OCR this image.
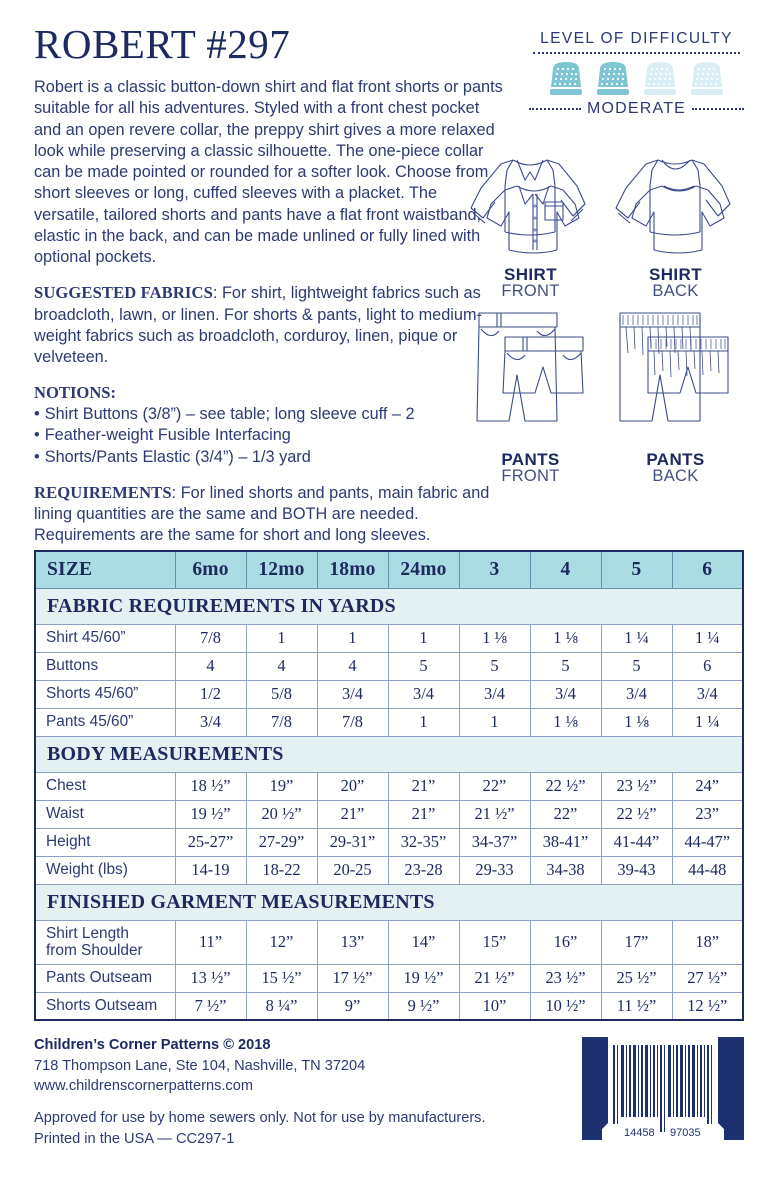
ROBERT #297
Robert is a classic button-down shirt and flat front shorts or pants suitable for all his adventures. Styled with a front chest pocket and an open revere collar, the preppy shirt gives a more relaxed look while preserving a classic silhouette. The one-piece collar can be made pointed or rounded for a softer look. Choose from short sleeves or long, cuffed sleeves with a placket. The versatile, tailored shorts and pants have a flat front waistband, elastic in the back, and can be made unlined or fully lined with optional pockets.
SUGGESTED FABRICS: For shirt, lightweight fabrics such as broadcloth, lawn, or linen. For shorts & pants, light to medium-weight fabrics such as broadcloth, corduroy, linen, pique or velveteen.
NOTIONS:
• Shirt Buttons (3/8”) – see table; long sleeve cuff – 2
• Feather-weight Fusible Interfacing
• Shorts/Pants Elastic (3/4”) – 1/3 yard
REQUIREMENTS: For lined shorts and pants, main fabric and lining quantities are the same and BOTH are needed. Requirements are the same for short and long sleeves.
LEVEL OF DIFFICULTY
MODERATE
SHIRT
FRONT
SHIRT
BACK
PANTS
FRONT
PANTS
BACK
SIZE	6mo	12mo	18mo	24mo	3	4	5	6
FABRIC REQUIREMENTS IN YARDS								
Shirt 45/60”	7/8	1	1	1	1 ⅛	1 ⅛	1 ¼	1 ¼
Buttons	4	4	4	5	5	5	5	6
Shorts 45/60”	1/2	5/8	3/4	3/4	3/4	3/4	3/4	3/4
Pants 45/60”	3/4	7/8	7/8	1	1	1 ⅛	1 ⅛	1 ¼
BODY MEASUREMENTS								
Chest	18 ½”	19”	20”	21”	22”	22 ½”	23 ½”	24”
Waist	19 ½”	20 ½”	21”	21”	21 ½”	22”	22 ½”	23”
Height	25-27”	27-29”	29-31”	32-35”	34-37”	38-41”	41-44”	44-47”
Weight (lbs)	14-19	18-22	20-25	23-28	29-33	34-38	39-43	44-48
FINISHED GARMENT MEASUREMENTS								

Shirt Length
from Shoulder	11”	12”	13”	14”	15”	16”	17”	18”
Pants Outseam	13 ½”	15 ½”	17 ½”	19 ½”	21 ½”	23 ½”	25 ½”	27 ½”
Shorts Outseam	7 ½”	8 ¼”	9”	9 ½”	10”	10 ½”	11 ½”	12 ½”
Children’s Corner Patterns © 2018
718 Thompson Lane, Ste 104, Nashville, TN 37204
www.childrenscornerpatterns.com
Approved for use by home sewers only. Not for use by manufacturers.
Printed in the USA — CC297-1	6 14458 97035 0
